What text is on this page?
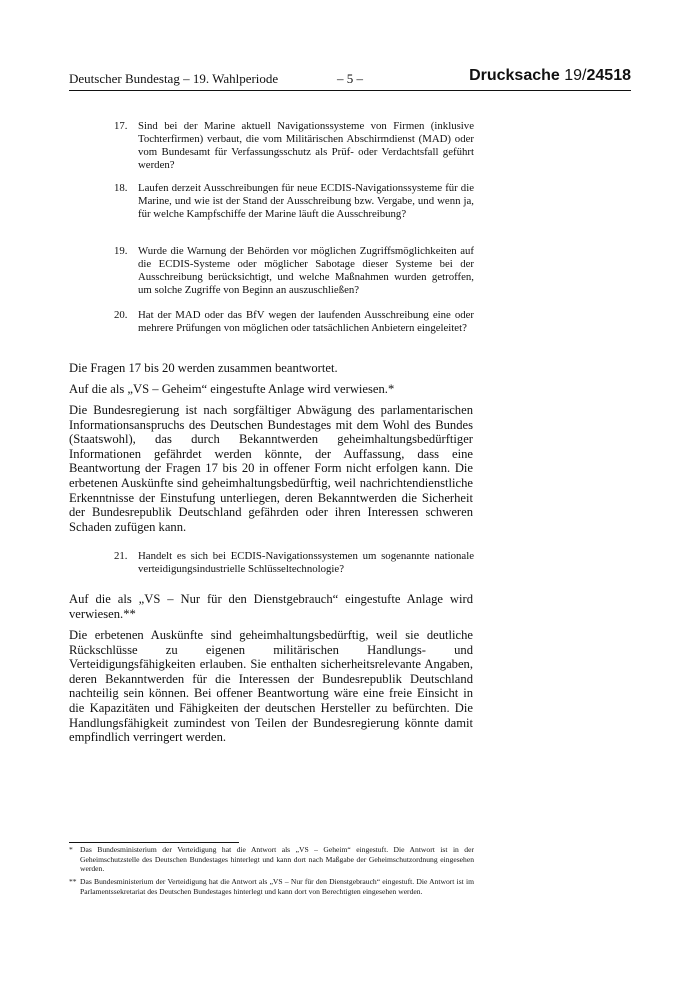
Deutscher Bundestag – 19. Wahlperiode	– 5 –	Drucksache 19/24518
17. Sind bei der Marine aktuell Navigationssysteme von Firmen (inklusive Tochterfirmen) verbaut, die vom Militärischen Abschirmdienst (MAD) oder vom Bundesamt für Verfassungsschutz als Prüf- oder Verdachtsfall geführt werden?
18. Laufen derzeit Ausschreibungen für neue ECDIS-Navigationssysteme für die Marine, und wie ist der Stand der Ausschreibung bzw. Vergabe, und wenn ja, für welche Kampfschiffe der Marine läuft die Ausschreibung?
19. Wurde die Warnung der Behörden vor möglichen Zugriffsmöglichkeiten auf die ECDIS-Systeme oder möglicher Sabotage dieser Systeme bei der Ausschreibung berücksichtigt, und welche Maßnahmen wurden getroffen, um solche Zugriffe von Beginn an auszuschließen?
20. Hat der MAD oder das BfV wegen der laufenden Ausschreibung eine oder mehrere Prüfungen von möglichen oder tatsächlichen Anbietern eingeleitet?
Die Fragen 17 bis 20 werden zusammen beantwortet.
Auf die als „VS – Geheim“ eingestufte Anlage wird verwiesen.*
Die Bundesregierung ist nach sorgfältiger Abwägung des parlamentarischen Informationsanspruchs des Deutschen Bundestages mit dem Wohl des Bundes (Staatswohl), das durch Bekanntwerden geheimhaltungsbedürftiger Informationen gefährdet werden könnte, der Auffassung, dass eine Beantwortung der Fragen 17 bis 20 in offener Form nicht erfolgen kann. Die erbetenen Auskünfte sind geheimhaltungsbedürftig, weil nachrichtendienstliche Erkenntnisse der Einstufung unterliegen, deren Bekanntwerden die Sicherheit der Bundesrepublik Deutschland gefährden oder ihren Interessen schweren Schaden zufügen kann.
21. Handelt es sich bei ECDIS-Navigationssystemen um sogenannte nationale verteidigungsindustrielle Schlüsseltechnologie?
Auf die als „VS – Nur für den Dienstgebrauch“ eingestufte Anlage wird verwiesen.**
Die erbetenen Auskünfte sind geheimhaltungsbedürftig, weil sie deutliche Rückschlüsse zu eigenen militärischen Handlungs- und Verteidigungsfähigkeiten erlauben. Sie enthalten sicherheitsrelevante Angaben, deren Bekanntwerden für die Interessen der Bundesrepublik Deutschland nachteilig sein können. Bei offener Beantwortung wäre eine freie Einsicht in die Kapazitäten und Fähigkeiten der deutschen Hersteller zu befürchten. Die Handlungsfähigkeit zumindest von Teilen der Bundesregierung könnte damit empfindlich verringert werden.
* Das Bundesministerium der Verteidigung hat die Antwort als „VS – Geheim“ eingestuft. Die Antwort ist in der Geheimschutzstelle des Deutschen Bundestages hinterlegt und kann dort nach Maßgabe der Geheimschutzordnung eingesehen werden.
** Das Bundesministerium der Verteidigung hat die Antwort als „VS – Nur für den Dienstgebrauch“ eingestuft. Die Antwort ist im Parlamentssekretariat des Deutschen Bundestages hinterlegt und kann dort von Berechtigten eingesehen werden.
